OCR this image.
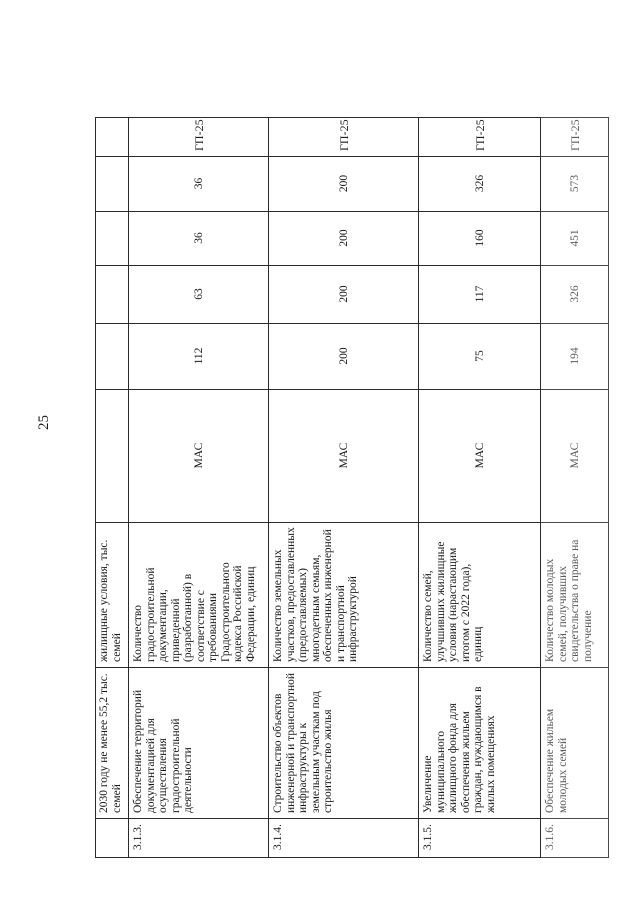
25
	2030 году не менее 55,2 тыс. семей	жилищные условия, тыс. семей						
3.1.3.	Обеспечение территорий документацией для осуществления градостроительной деятельности	Количество градостроительной документации, приведенной (разработанной) в соответствие с требованиями Градостроительного кодекса Российской Федерации, единиц	МАС	112	63	36	36	ГП-25
3.1.4.	Строительство объектов инженерной и транспортной инфраструктуры к земельным участкам под строительство жилья	Количество земельных участков, предоставленных (предоставляемых) многодетным семьям, обеспеченных инженерной и транспортной инфраструктурой	МАС	200	200	200	200	ГП-25
3.1.5.	Увеличение муниципального жилищного фонда для обеспечения жильем граждан, нуждающимся в жилых помещениях	Количество семей, улучшивших жилищные условия (нарастающим итогом с 2022 года), единиц	МАС	75	117	160	326	ГП-25
3.1.6.	Обеспечение жильем молодых семей	Количество молодых семей, получивших свидетельства о праве на получение	МАС	194	326	451	573	ГП-25
